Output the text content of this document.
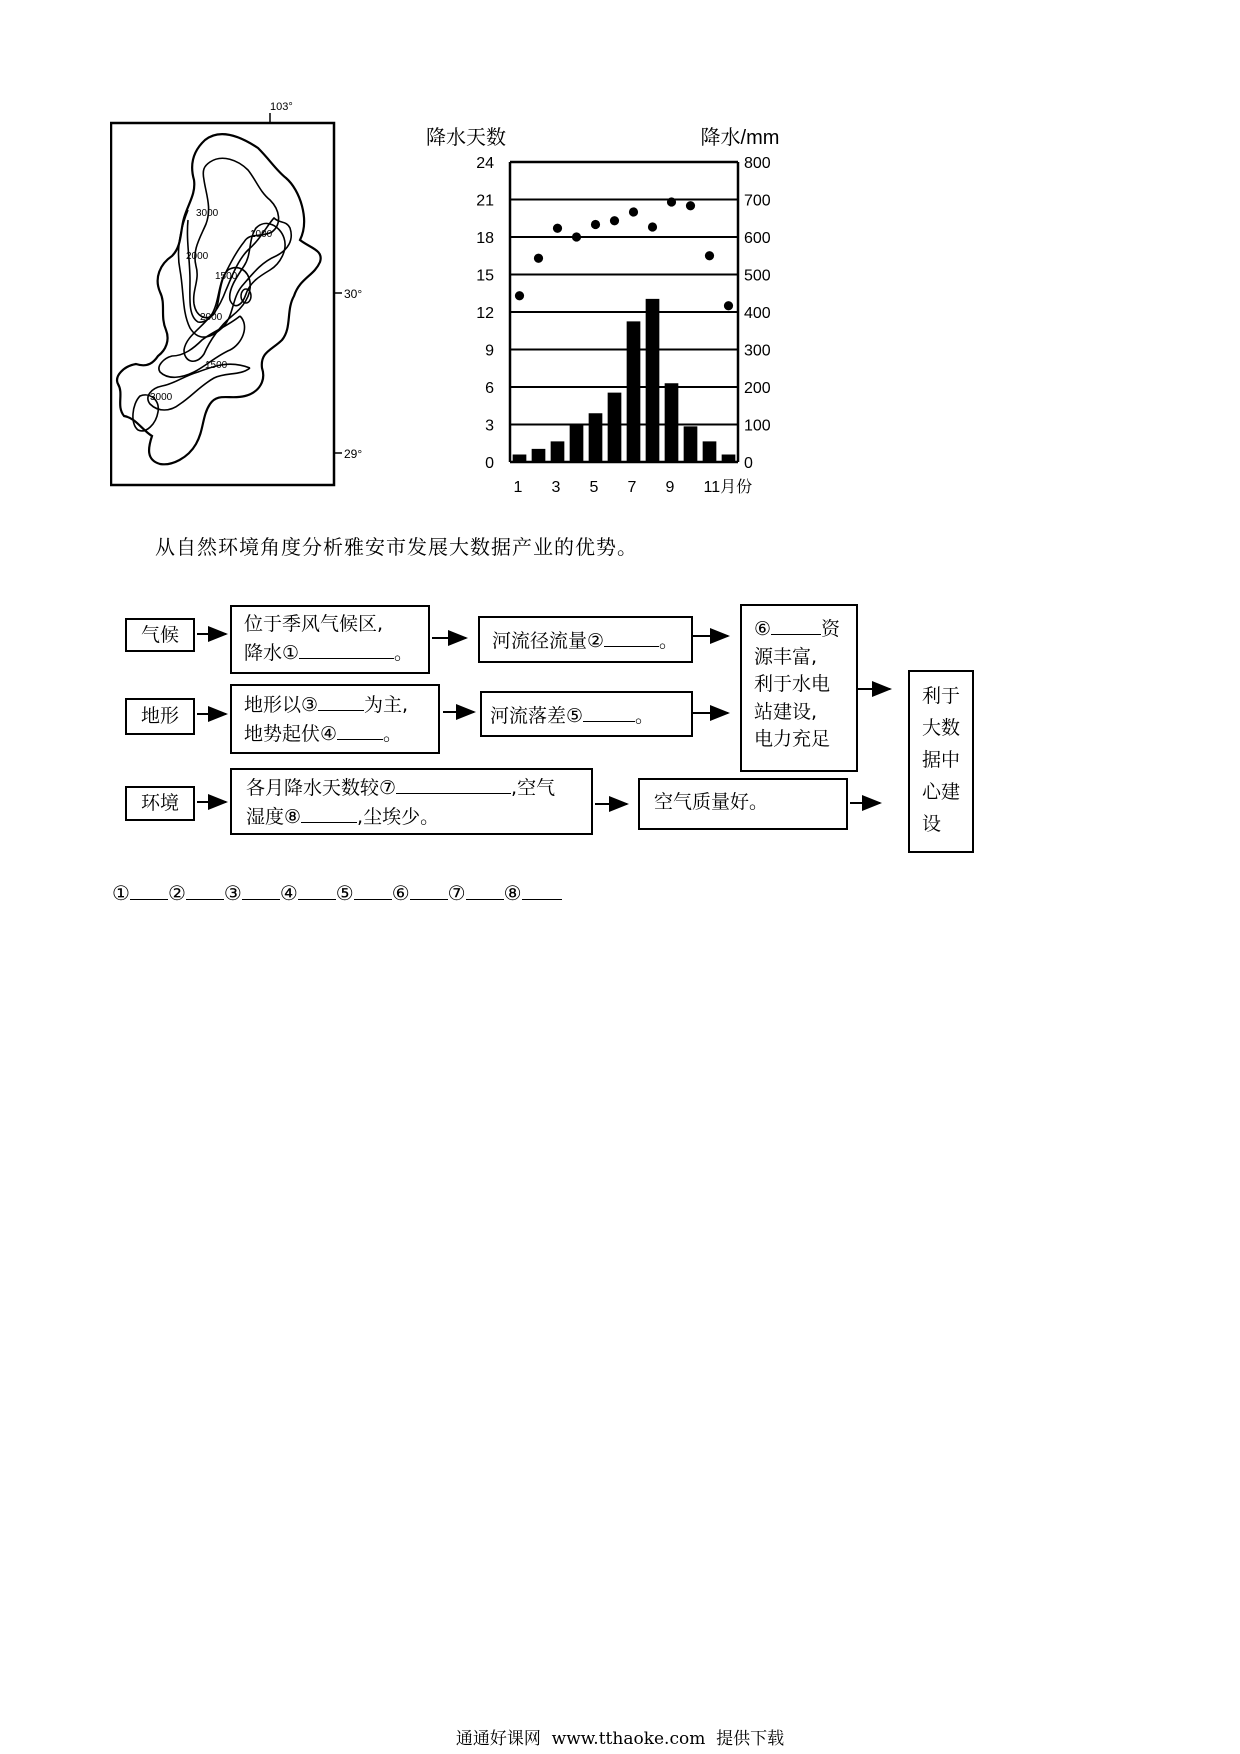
103°
30°
29°
3000
1000
2000
1500
2000
1500
3000
降水天数	降水/mm
0	0
3	100
6	200
9	300
12	400
15	500
18	600
21	700
24	800
1 3 5 7 9 11月份
从自然环境角度分析雅安市发展大数据产业的优势。
气候
地形
环境
位于季风气候区,
降水①	。
河流径流量②	。
地形以③ 为主,
地势起伏④ 。
河流落差⑤	。
各月降水天数较⑦	,空气
湿度⑧	,尘埃少。
空气质量好。
⑥	资
源丰富,
利于水电
站建设,
电力充足
利于
大数
据中
心建
设
① ② ③ ④ ⑤ ⑥ ⑦ ⑧
通通好课网  www.tthaoke.com  提供下载
